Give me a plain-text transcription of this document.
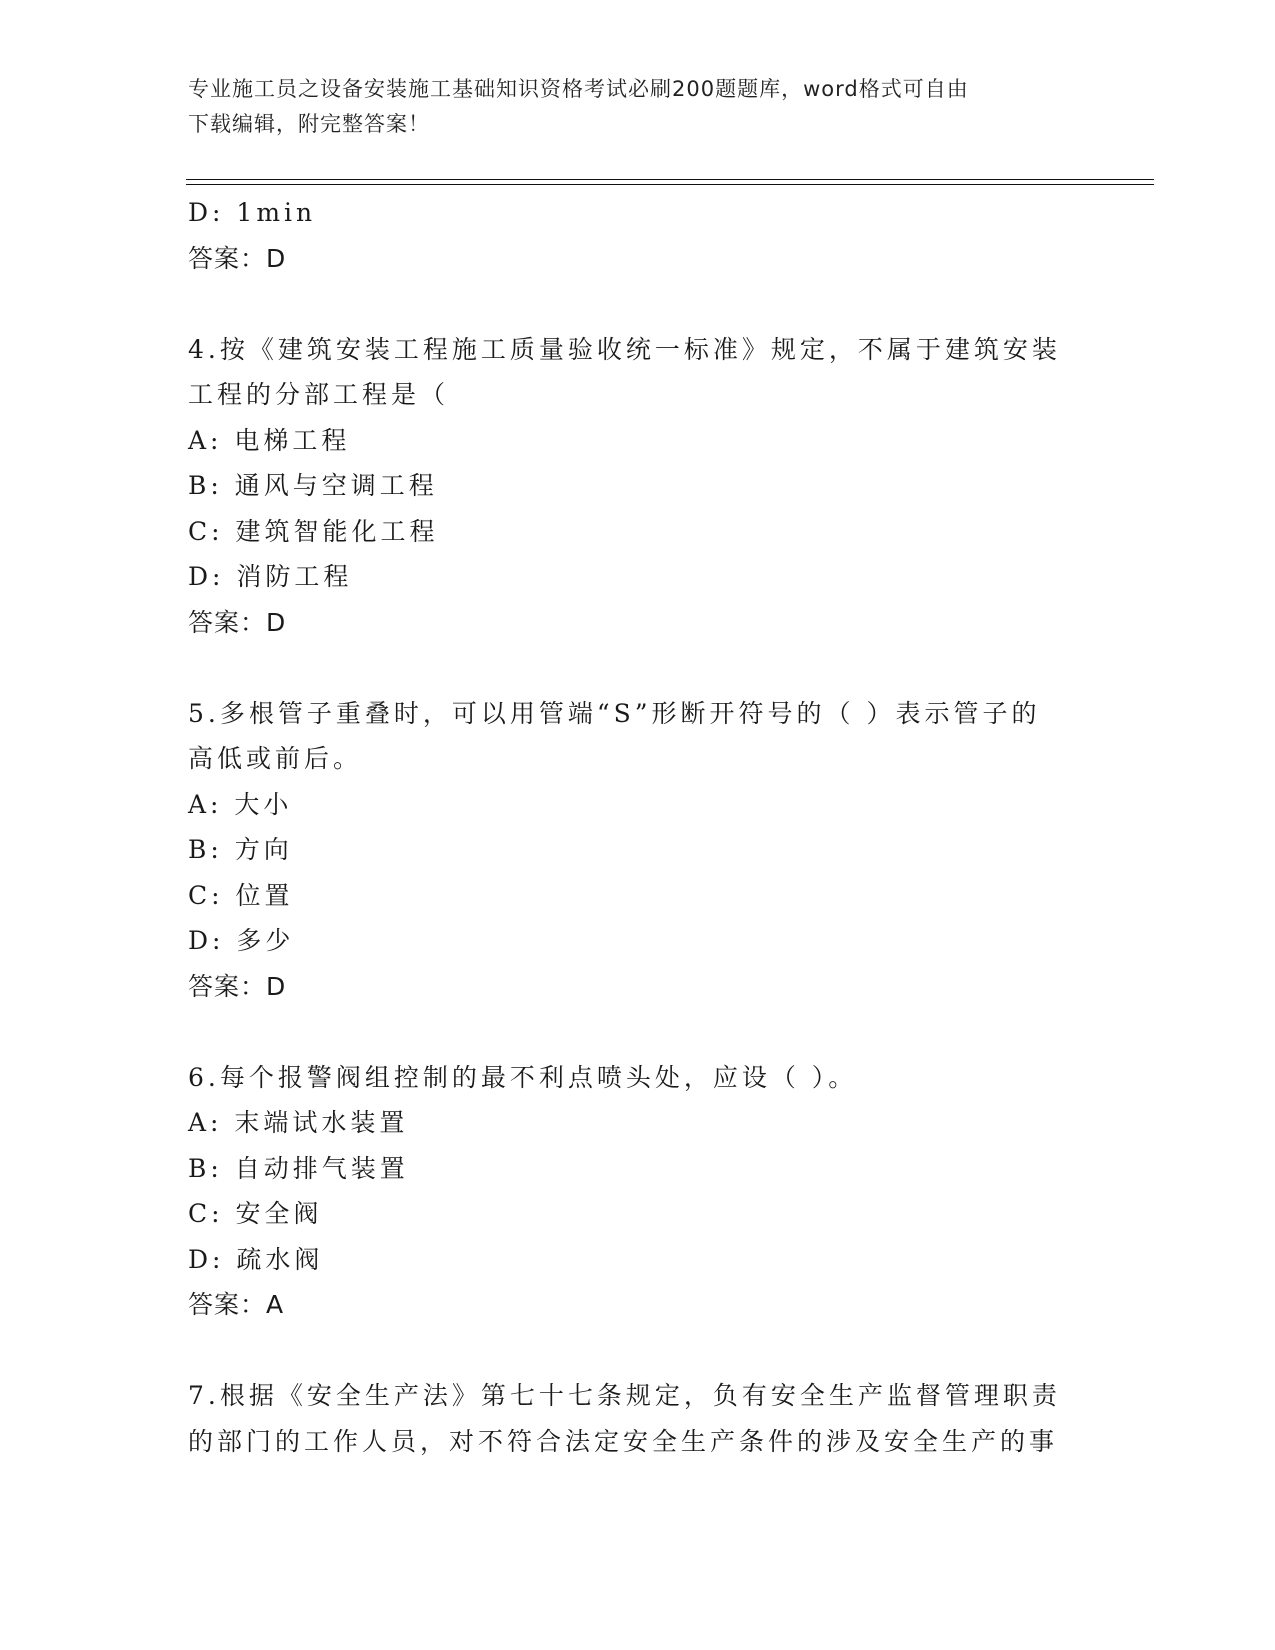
专业施工员之设备安装施工基础知识资格考试必刷200题题库，word格式可自由
下载编辑，附完整答案！
D: 1min
答案：D
4.按《建筑安装工程施工质量验收统一标准》规定，不属于建筑安装
工程的分部工程是（
A: 电梯工程
B: 通风与空调工程
C: 建筑智能化工程
D: 消防工程
答案：D
5.多根管子重叠时，可以用管端“S”形断开符号的（ ）表示管子的
高低或前后。
A: 大小
B: 方向
C: 位置
D: 多少
答案：D
6.每个报警阀组控制的最不利点喷头处，应设（ ）。
A: 末端试水装置
B: 自动排气装置
C: 安全阀
D: 疏水阀
答案：A
7.根据《安全生产法》第七十七条规定，负有安全生产监督管理职责
的部门的工作人员，对不符合法定安全生产条件的涉及安全生产的事
